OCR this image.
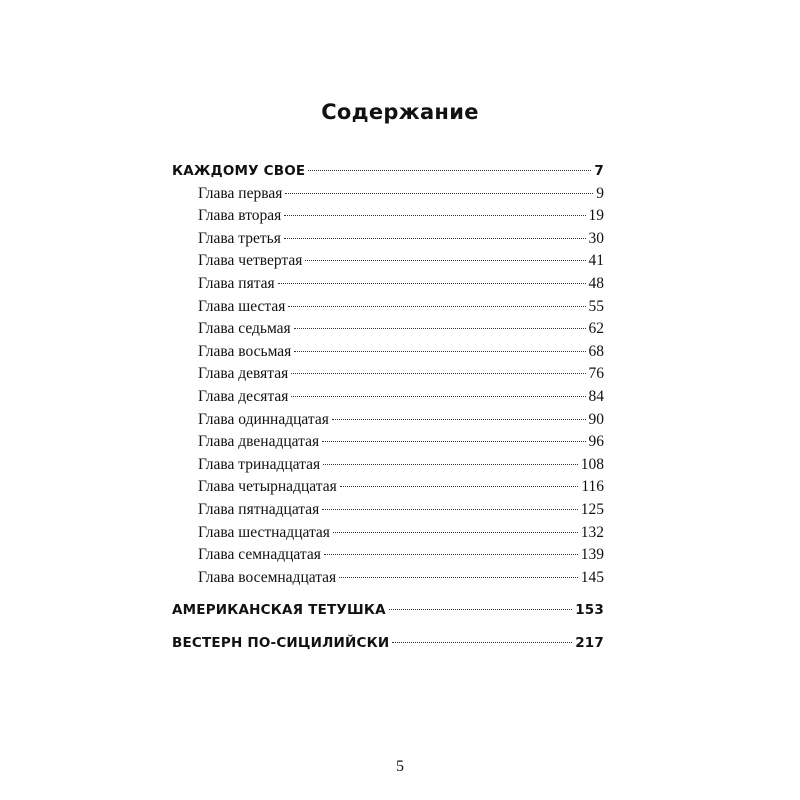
Содержание
КАЖДОМУ СВОЕ	7
Глава первая	9
Глава вторая	19
Глава третья	30
Глава четвертая	41
Глава пятая	48
Глава шестая	55
Глава седьмая	62
Глава восьмая	68
Глава девятая	76
Глава десятая	84
Глава одиннадцатая	90
Глава двенадцатая	96
Глава тринадцатая	108
Глава четырнадцатая	116
Глава пятнадцатая	125
Глава шестнадцатая	132
Глава семнадцатая	139
Глава восемнадцатая	145
АМЕРИКАНСКАЯ ТЕТУШКА	153
ВЕСТЕРН ПО-СИЦИЛИЙСКИ	217
5
